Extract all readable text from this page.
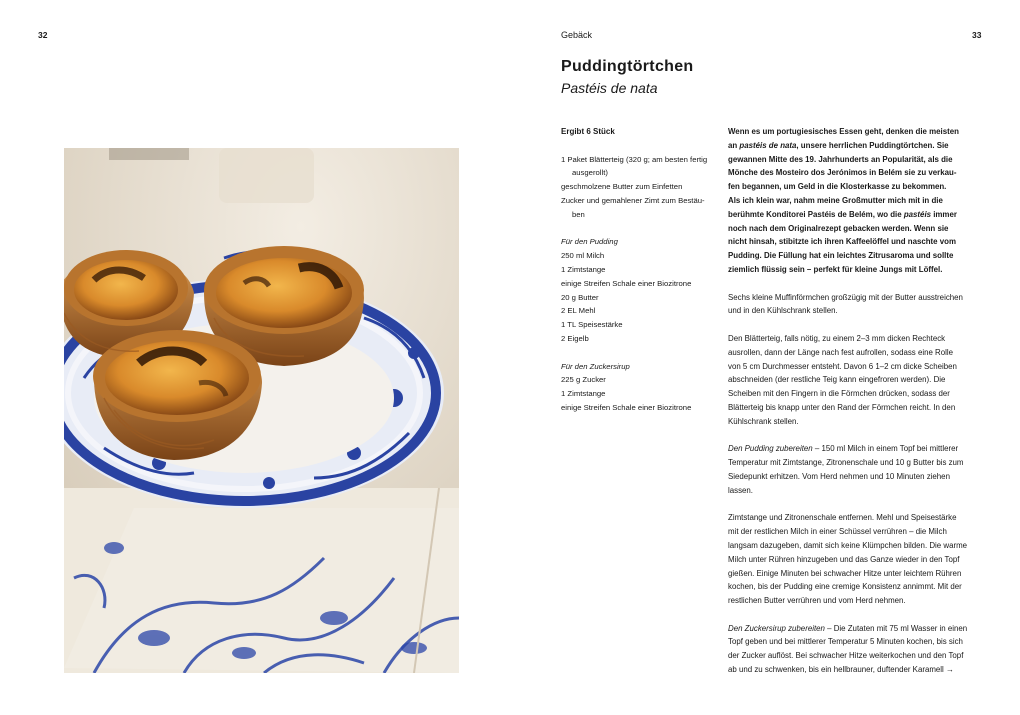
32	Gebäck	33
Puddingtörtchen
Pastéis de nata
Ergibt 6 Stück
1 Paket Blätterteig (320 g; am besten fertig
ausgerollt)
geschmolzene Butter zum Einfetten
Zucker und gemahlener Zimt zum Bestäu-
ben
Für den Pudding
250 ml Milch
1 Zimtstange
einige Streifen Schale einer Biozitrone
20 g Butter
2 EL Mehl
1 TL Speisestärke
2 Eigelb
Für den Zuckersirup
225 g Zucker
1 Zimtstange
einige Streifen Schale einer Biozitrone

Wenn es um portugiesisches Essen geht, denken die meisten
an pastéis de nata, unsere herrlichen Puddingtörtchen. Sie
gewannen Mitte des 19. Jahrhunderts an Popularität, als die
Mönche des Mosteiro dos Jerónimos in Belém sie zu verkau-
fen begannen, um Geld in die Klosterkasse zu bekommen.
Als ich klein war, nahm meine Großmutter mich mit in die
berühmte Konditorei Pastéis de Belém, wo die pastéis immer
noch nach dem Originalrezept gebacken werden. Wenn sie
nicht hinsah, stibitzte ich ihren Kaffeelöffel und naschte vom
Pudding. Die Füllung hat ein leichtes Zitrusaroma und sollte
ziemlich flüssig sein – perfekt für kleine Jungs mit Löffel.

Sechs kleine Muffinförmchen großzügig mit der Butter ausstreichen
und in den Kühlschrank stellen.

Den Blätterteig, falls nötig, zu einem 2–3 mm dicken Rechteck
ausrollen, dann der Länge nach fest aufrollen, sodass eine Rolle
von 5 cm Durchmesser entsteht. Davon 6 1–2 cm dicke Scheiben
abschneiden (der restliche Teig kann eingefroren werden). Die
Scheiben mit den Fingern in die Förmchen drücken, sodass der
Blätterteig bis knapp unter den Rand der Förmchen reicht. In den
Kühlschrank stellen.

Den Pudding zubereiten – 150 ml Milch in einem Topf bei mittlerer
Temperatur mit Zimtstange, Zitronenschale und 10 g Butter bis zum
Siedepunkt erhitzen. Vom Herd nehmen und 10 Minuten ziehen
lassen.

Zimtstange und Zitronenschale entfernen. Mehl und Speisestärke
mit der restlichen Milch in einer Schüssel verrühren – die Milch
langsam dazugeben, damit sich keine Klümpchen bilden. Die warme
Milch unter Rühren hinzugeben und das Ganze wieder in den Topf
gießen. Einige Minuten bei schwacher Hitze unter leichtem Rühren
kochen, bis der Pudding eine cremige Konsistenz annimmt. Mit der
restlichen Butter verrühren und vom Herd nehmen.

Den Zuckersirup zubereiten – Die Zutaten mit 75 ml Wasser in einen
Topf geben und bei mittlerer Temperatur 5 Minuten kochen, bis sich
der Zucker auflöst. Bei schwacher Hitze weiterkochen und den Topf
ab und zu schwenken, bis ein hellbrauner, duftender Karamell →
